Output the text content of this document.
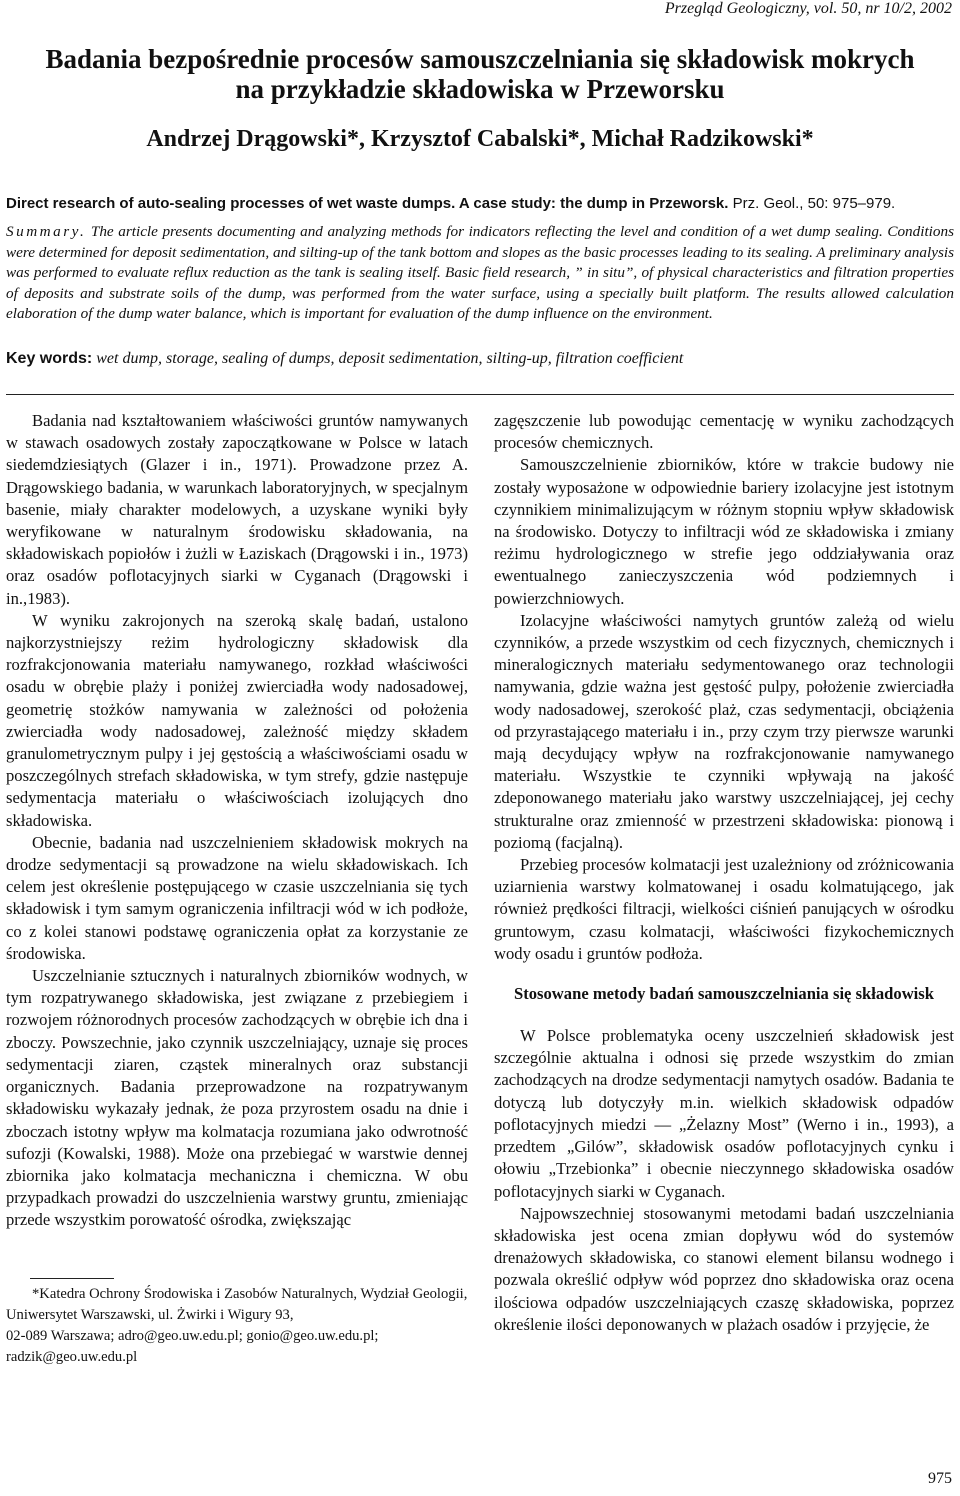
Przegląd Geologiczny, vol. 50, nr 10/2, 2002
Badania bezpośrednie procesów samouszczelniania się składowisk mokrych
na przykładzie składowiska w Przeworsku
Andrzej Drągowski*, Krzysztof Cabalski*, Michał Radzikowski*
Direct research of auto-sealing processes of wet waste dumps. A case study: the dump in Przeworsk. Prz. Geol., 50: 975–979.
Summary. The article presents documenting and analyzing methods for indicators reflecting the level and condition of a wet dump sealing. Conditions were determined for deposit sedimentation, and silting-up of the tank bottom and slopes as the basic processes leading to its sealing. A preliminary analysis was performed to evaluate reflux reduction as the tank is sealing itself. Basic field research, ” in situ”, of physical characteristics and filtration properties of deposits and substrate soils of the dump, was performed from the water surface, using a specially built platform. The results allowed calculation elaboration of the dump water balance, which is important for evaluation of the dump influence on the environment.
Key words: wet dump, storage, sealing of dumps, deposit sedimentation, silting-up, filtration coefficient

Badania nad kształtowaniem właściwości gruntów namywanych w stawach osadowych zostały zapoczątkowane w Polsce w latach siedemdziesiątych (Glazer i in., 1971). Prowadzone przez A. Drągowskiego badania, w warunkach laboratoryjnych, w specjalnym basenie, miały charakter modelowych, a uzyskane wyniki były weryfikowane w naturalnym środowisku składowania, na składowiskach popiołów i żużli w Łaziskach (Drągowski i in., 1973) oraz osadów poflotacyjnych siarki w Cyganach (Drągowski i in.,1983).

W wyniku zakrojonych na szeroką skalę badań, ustalono najkorzystniejszy reżim hydrologiczny składowisk dla rozfrakcjonowania materiału namywanego, rozkład właściwości osadu w obrębie plaży i poniżej zwierciadła wody nadosadowej, geometrię stożków namywania w zależności od położenia zwierciadła wody nadosadowej, zależność między składem granulometrycznym pulpy i jej gęstością a właściwościami osadu w poszczególnych strefach składowiska, w tym strefy, gdzie następuje sedymentacja materiału o właściwościach izolujących dno składowiska.

Obecnie, badania nad uszczelnieniem składowisk mokrych na drodze sedymentacji są prowadzone na wielu składowiskach. Ich celem jest określenie postępującego w czasie uszczelniania się tych składowisk i tym samym ograniczenia infiltracji wód w ich podłoże, co z kolei stanowi podstawę ograniczenia opłat za korzystanie ze środowiska.

Uszczelnianie sztucznych i naturalnych zbiorników wodnych, w tym rozpatrywanego składowiska, jest związane z przebiegiem i rozwojem różnorodnych procesów zachodzących w obrębie ich dna i zboczy. Powszechnie, jako czynnik uszczelniający, uznaje się proces sedymentacji ziaren, cząstek mineralnych oraz substancji organicznych. Badania przeprowadzone na rozpatrywanym składowisku wykazały jednak, że poza przyrostem osadu na dnie i zboczach istotny wpływ ma kolmatacja rozumiana jako odwrotność sufozji (Kowalski, 1988). Może ona przebiegać w warstwie dennej zbiornika jako kolmatacja mechaniczna i chemiczna. W obu przypadkach prowadzi do uszczelnienia warstwy gruntu, zmieniając przede wszystkim porowatość ośrodka, zwiększając

*Katedra Ochrony Środowiska i Zasobów Naturalnych, Wydział Geologii, Uniwersytet Warszawski, ul. Żwirki i Wigury 93,
02-089 Warszawa; adro@geo.uw.edu.pl; gonio@geo.uw.edu.pl;
radzik@geo.uw.edu.pl

zagęszczenie lub powodując cementację w wyniku zachodzących procesów chemicznych.

Samouszczelnienie zbiorników, które w trakcie budowy nie zostały wyposażone w odpowiednie bariery izolacyjne jest istotnym czynnikiem minimalizującym w różnym stopniu wpływ składowisk na środowisko. Dotyczy to infiltracji wód ze składowiska i zmiany reżimu hydrologicznego w strefie jego oddziaływania oraz ewentualnego zanieczyszczenia wód podziemnych i powierzchniowych.

Izolacyjne właściwości namytych gruntów zależą od wielu czynników, a przede wszystkim od cech fizycznych, chemicznych i mineralogicznych materiału sedymentowanego oraz technologii namywania, gdzie ważna jest gęstość pulpy, położenie zwierciadła wody nadosadowej, szerokość plaż, czas sedymentacji, obciążenia od przyrastającego materiału i in., przy czym trzy pierwsze warunki mają decydujący wpływ na rozfrakcjonowanie namywanego materiału. Wszystkie te czynniki wpływają na jakość zdeponowanego materiału jako warstwy uszczelniającej, jej cechy strukturalne oraz zmienność w przestrzeni składowiska: pionową i poziomą (facjalną).

Przebieg procesów kolmatacji jest uzależniony od zróżnicowania uziarnienia warstwy kolmatowanej i osadu kolmatującego, jak również prędkości filtracji, wielkości ciśnień panujących w ośrodku gruntowym, czasu kolmatacji, właściwości fizykochemicznych wody osadu i gruntów podłoża.

Stosowane metody badań samouszczelniania się składowisk

W Polsce problematyka oceny uszczelnień składowisk jest szczególnie aktualna i odnosi się przede wszystkim do zmian zachodzących na drodze sedymentacji namytych osadów. Badania te dotyczą lub dotyczyły m.in. wielkich składowisk odpadów poflotacyjnych miedzi — „Żelazny Most” (Werno i in., 1993), a przedtem „Gilów”, składowisk osadów poflotacyjnych cynku i ołowiu „Trzebionka” i obecnie nieczynnego składowiska osadów poflotacyjnych siarki w Cyganach.

Najpowszechniej stosowanymi metodami badań uszczelniania składowiska jest ocena zmian dopływu wód do systemów drenażowych składowiska, co stanowi element bilansu wodnego i pozwala określić odpływ wód poprzez dno składowiska oraz ocena ilościowa odpadów uszczelniających czaszę składowiska, poprzez określenie ilości deponowanych w plażach osadów i przyjęcie, że

975
